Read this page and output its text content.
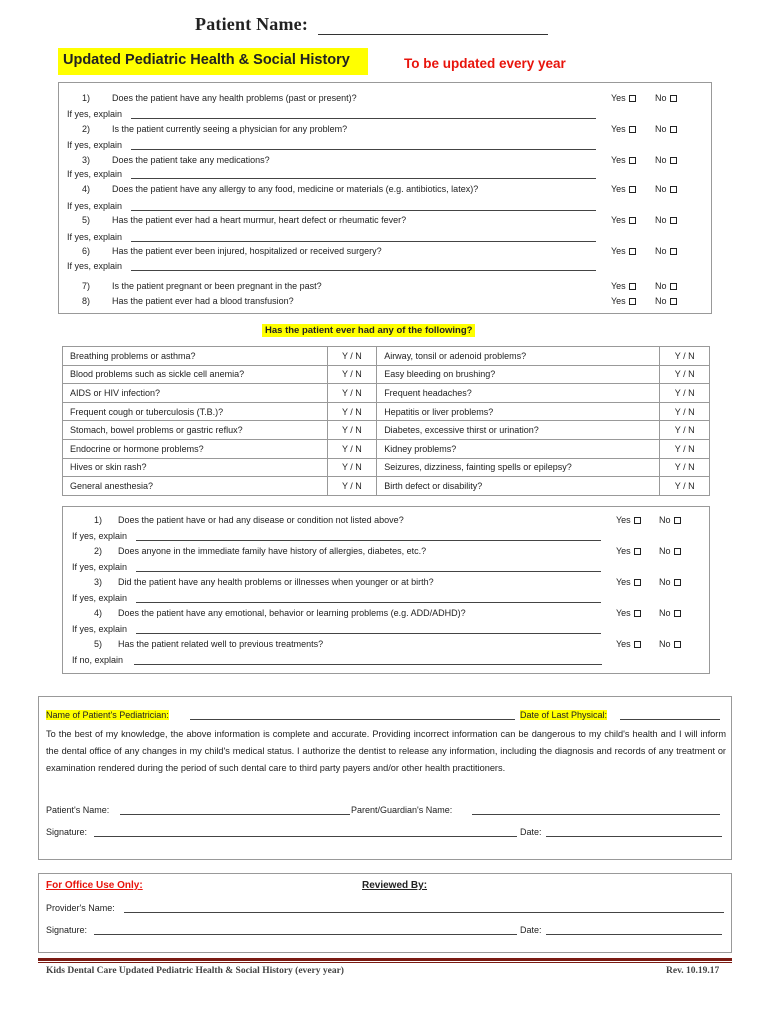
Patient Name:
Updated Pediatric Health & Social History	To be updated every year
1) Does the patient have any health problems (past or present)?	Yes	No
If yes, explain
2) Is the patient currently seeing a physician for any problem?	Yes	No
If yes, explain
3) Does the patient take any medications?	Yes	No
If yes, explain
4) Does the patient have any allergy to any food, medicine or materials (e.g. antibiotics, latex)?	Yes	No
If yes, explain
5) Has the patient ever had a heart murmur, heart defect or rheumatic fever?	Yes	No
If yes, explain
6) Has the patient ever been injured, hospitalized or received surgery?	Yes	No
If yes, explain
7) Is the patient pregnant or been pregnant in the past?	Yes	No
8) Has the patient ever had a blood transfusion?	Yes	No
Has the patient ever had any of the following?
Breathing problems or asthma?	Y / N	Airway, tonsil or adenoid problems?	Y / N
Blood problems such as sickle cell anemia?	Y / N	Easy bleeding on brushing?	Y / N
AIDS or HIV infection?	Y / N	Frequent headaches?	Y / N
Frequent cough or tuberculosis (T.B.)?	Y / N	Hepatitis or liver problems?	Y / N
Stomach, bowel problems or gastric reflux?	Y / N	Diabetes, excessive thirst or urination?	Y / N
Endocrine or hormone problems?	Y / N	Kidney problems?	Y / N
Hives or skin rash?	Y / N	Seizures, dizziness, fainting spells or epilepsy?	Y / N
General anesthesia?	Y / N	Birth defect or disability?	Y / N
1) Does the patient have or had any disease or condition not listed above?	Yes	No
If yes, explain
2) Does anyone in the immediate family have history of allergies, diabetes, etc.?	Yes	No
If yes, explain
3) Did the patient have any health problems or illnesses when younger or at birth?	Yes	No
If yes, explain
4) Does the patient have any emotional, behavior or learning problems (e.g. ADD/ADHD)?	Yes	No
If yes, explain
5) Has the patient related well to previous treatments?	Yes	No
If no, explain
Name of Patient's Pediatrician:	Date of Last Physical:
To the best of my knowledge, the above information is complete and accurate. Providing incorrect information can be dangerous to my child's health and I will inform the dental office of any changes in my child's medical status. I authorize the dentist to release any information, including the diagnosis and records of any treatment or examination rendered during the period of such dental care to third party payers and/or other health practitioners.
Patient's Name:	Parent/Guardian's Name:
Signature:	Date:
For Office Use Only:	Reviewed By:
Provider's Name:
Signature:	Date:
Kids Dental Care Updated Pediatric Health & Social History (every year)	Rev. 10.19.17
